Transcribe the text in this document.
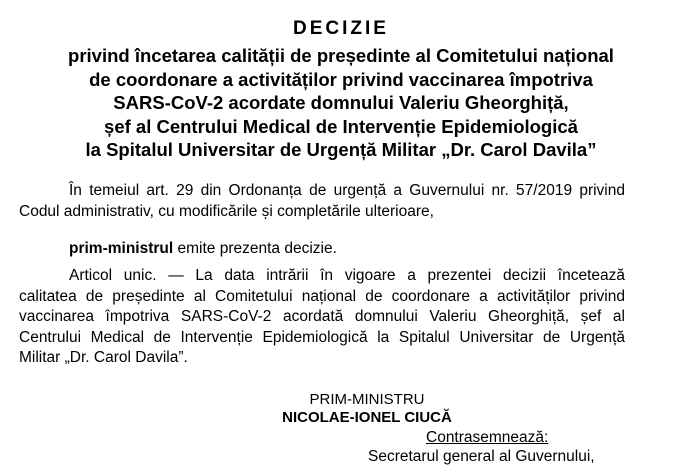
DECIZIE
privind încetarea calității de președinte al Comitetului național
de coordonare a activităților privind vaccinarea împotriva
SARS-CoV-2 acordate domnului Valeriu Gheorghiță,
șef al Centrului Medical de Intervenție Epidemiologică
la Spitalul Universitar de Urgență Militar „Dr. Carol Davila”
În temeiul art. 29 din Ordonanța de urgență a Guvernului nr. 57/2019 privind
Codul administrativ, cu modificările și completările ulterioare,
prim-ministrul emite prezenta decizie.
Articol unic. — La data intrării în vigoare a prezentei decizii încetează
calitatea de președinte al Comitetului național de coordonare a activităților privind
vaccinarea împotriva SARS-CoV-2 acordată domnului Valeriu Gheorghiță, șef al
Centrului Medical de Intervenție Epidemiologică la Spitalul Universitar de Urgență
Militar „Dr. Carol Davila”.
PRIM-MINISTRU
NICOLAE-IONEL CIUCĂ
Contrasemnează:
Secretarul general al Guvernului,
